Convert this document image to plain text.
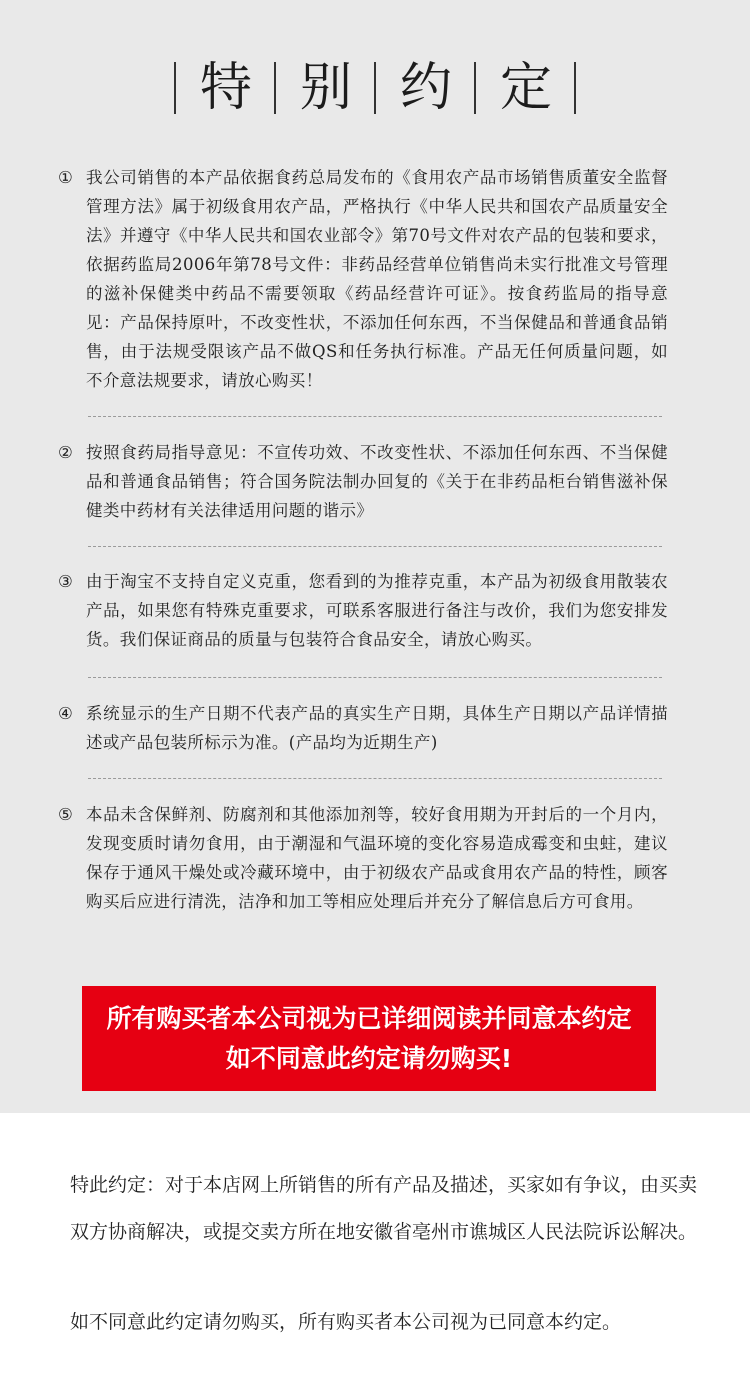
特 别 约 定
① 我公司销售的本产品依据食药总局发布的《食用农产品市场销售质董安全监督管理方法》属于初级食用农产品，严格执行《中华人民共和国农产品质量安全法》并遵守《中华人民共和国农业部令》第70号文件对农产品的包装和要求，依据药监局2006年第78号文件：非药品经营单位销售尚未实行批准文号管理的滋补保健类中药品不需要领取《药品经营许可证》。按食药监局的指导意见：产品保持原叶，不改变性状，不添加任何东西，不当保健品和普通食品销售，由于法规受限该产品不做QS和任务执行标准。产品无任何质量问题，如不介意法规要求，请放心购买！
② 按照食药局指导意见：不宣传功效、不改变性状、不添加任何东西、不当保健品和普通食品销售；符合国务院法制办回复的《关于在非药品柜台销售滋补保健类中药材有关法律适用问题的谐示》
③ 由于淘宝不支持自定义克重，您看到的为推荐克重，本产品为初级食用散装农产品，如果您有特殊克重要求，可联系客服进行备注与改价，我们为您安排发货。我们保证商品的质量与包装符合食品安全，请放心购买。
④ 系统显示的生产日期不代表产品的真实生产日期，具体生产日期以产品详情描述或产品包装所标示为准。(产品均为近期生产)
⑤ 本品未含保鲜剂、防腐剂和其他添加剂等，较好食用期为开封后的一个月内，发现变质时请勿食用，由于潮湿和气温环境的变化容易造成霉变和虫蛀，建议保存于通风干燥处或冷藏环境中，由于初级农产品或食用农产品的特性，顾客购买后应进行清洗，洁净和加工等相应处理后并充分了解信息后方可食用。
所有购买者本公司视为已详细阅读并同意本约定
如不同意此约定请勿购买!
特此约定：对于本店网上所销售的所有产品及描述，买家如有争议，由买卖双方协商解决，或提交卖方所在地安徽省亳州市谯城区人民法院诉讼解决。
如不同意此约定请勿购买，所有购买者本公司视为已同意本约定。
